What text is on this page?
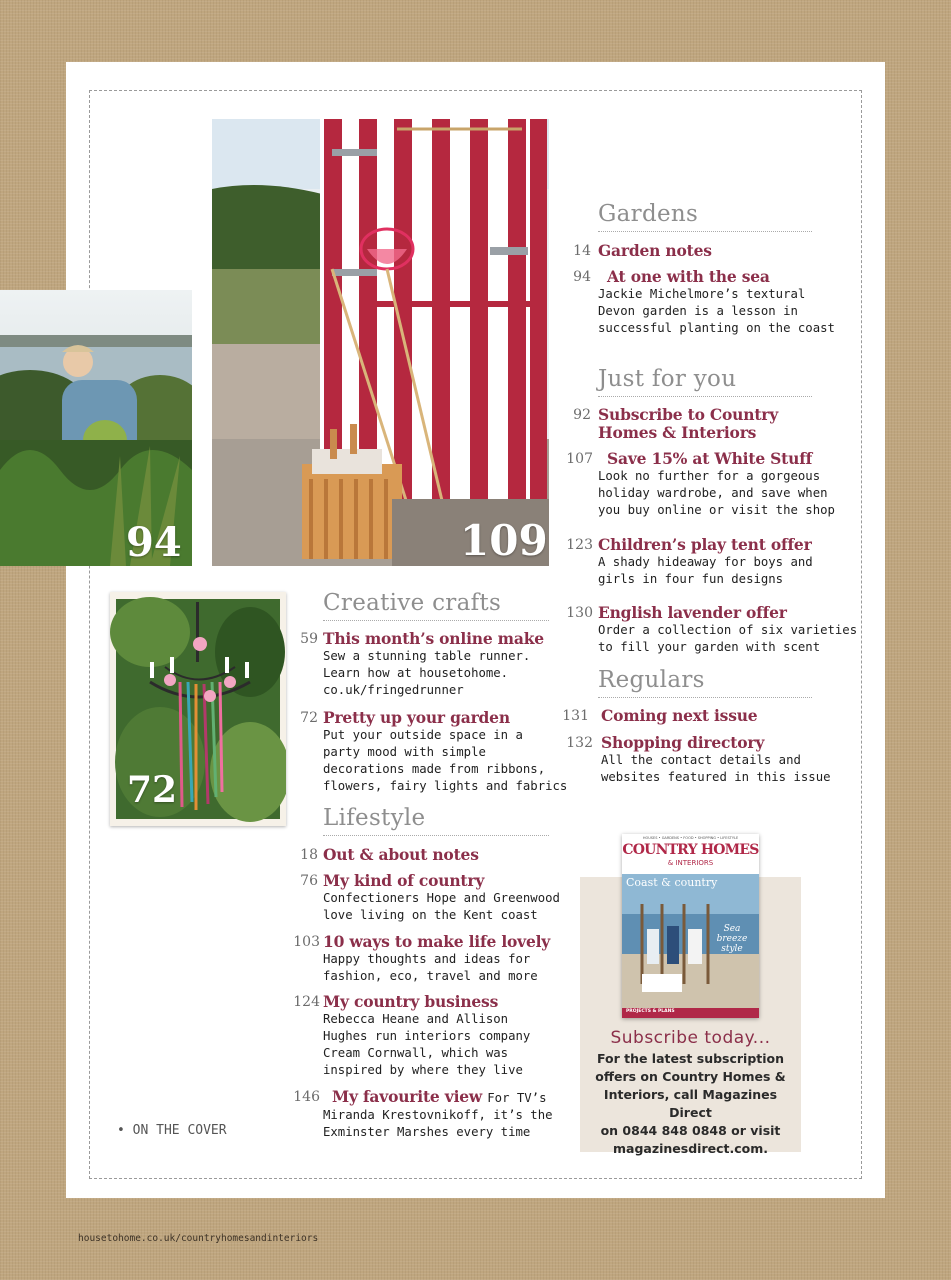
94	109
72
Gardens
14 Garden notes
94 At one with the sea
Jackie Michelmore’s textural
Devon garden is a lesson in
successful planting on the coast
Just for you
92 Subscribe to Country
Homes & Interiors
107 Save 15% at White Stuff
Look no further for a gorgeous
holiday wardrobe, and save when
you buy online or visit the shop
123 Children’s play tent offer
A shady hideaway for boys and
girls in four fun designs
130 English lavender offer
Order a collection of six varieties
to fill your garden with scent
Regulars
131 Coming next issue
132 Shopping directory
All the contact details and
websites featured in this issue
Creative crafts
59 This month’s online make
Sew a stunning table runner.
Learn how at housetohome.
co.uk/fringedrunner
72 Pretty up your garden
Put your outside space in a
party mood with simple
decorations made from ribbons,
flowers, fairy lights and fabrics
Lifestyle
18 Out & about notes
76 My kind of country
Confectioners Hope and Greenwood
love living on the Kent coast
103 10 ways to make life lovely
Happy thoughts and ideas for
fashion, eco, travel and more
124 My country business
Rebecca Heane and Allison
Hughes run interiors company
Cream Cornwall, which was
inspired by where they live
146 My favourite view For TV’s
Miranda Krestovnikoff, it’s the
Exminster Marshes every time
• ON THE COVER
HOUSES • GARDENS • FOOD • SHOPPING • LIFESTYLE
COUNTRY HOMES
& INTERIORS
Coast & country
Sea breeze style
PROJECTS & PLANS
Subscribe today...
For the latest subscription
offers on Country Homes &
Interiors, call Magazines Direct
on 0844 848 0848 or visit
magazinesdirect.com.
housetohome.co.uk/countryhomesandinteriors
